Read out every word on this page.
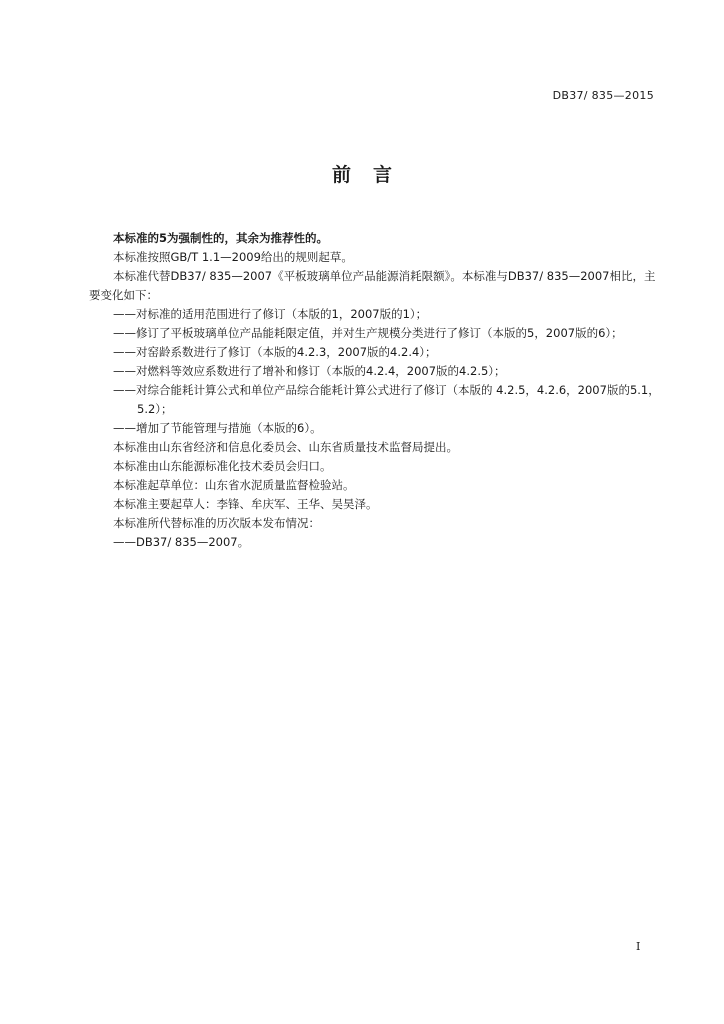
DB37/ 835—2015
前言

本标准的5为强制性的，其余为推荐性的。

本标准按照GB/T 1.1—2009给出的规则起草。

本标准代替DB37/ 835—2007《平板玻璃单位产品能源消耗限额》。本标准与DB37/ 835—2007相比，主要变化如下：

——对标准的适用范围进行了修订（本版的1，2007版的1）；

——修订了平板玻璃单位产品能耗限定值，并对生产规模分类进行了修订（本版的5，2007版的6）；

——对窑龄系数进行了修订（本版的4.2.3，2007版的4.2.4）；

——对燃料等效应系数进行了增补和修订（本版的4.2.4，2007版的4.2.5）；

——对综合能耗计算公式和单位产品综合能耗计算公式进行了修订（本版的 4.2.5，4.2.6，2007版的5.1，5.2）；

——增加了节能管理与措施（本版的6）。

本标准由山东省经济和信息化委员会、山东省质量技术监督局提出。

本标准由山东能源标准化技术委员会归口。

本标准起草单位：山东省水泥质量监督检验站。

本标准主要起草人：李锋、牟庆军、王华、吴昊泽。

本标准所代替标准的历次版本发布情况：

——DB37/ 835—2007。

I
